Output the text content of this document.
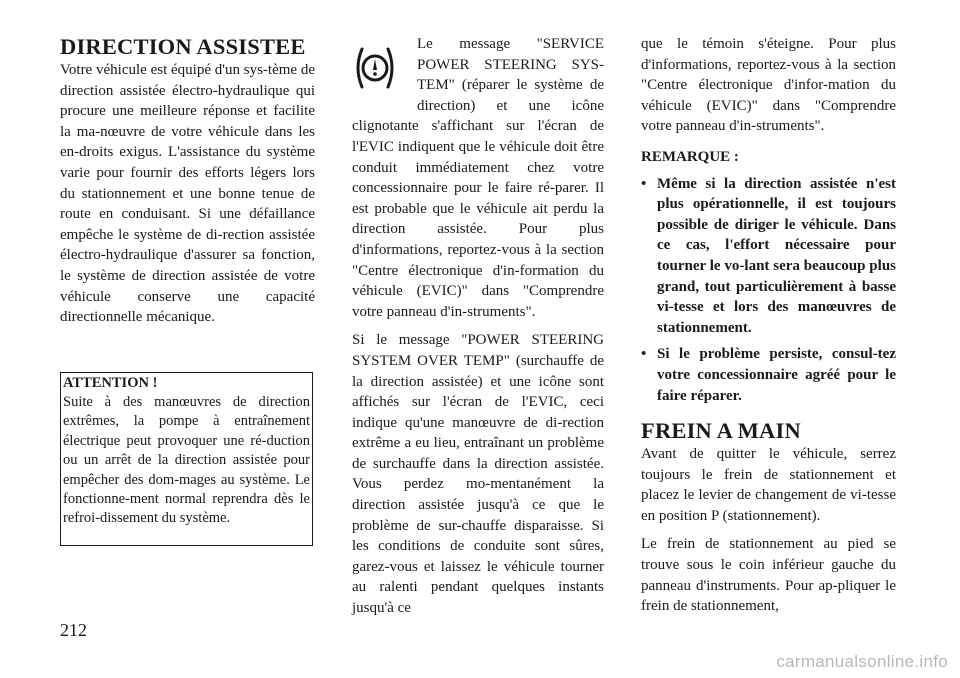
DIRECTION ASSISTEE

Votre véhicule est équipé d'un sys-tème de direction assistée électro-hydraulique qui procure une meilleure réponse et facilite la ma-nœuvre de votre véhicule dans les en-droits exigus. L'assistance du système varie pour fournir des efforts légers lors du stationnement et une bonne tenue de route en conduisant. Si une défaillance empêche le système de di-rection assistée électro-hydraulique d'assurer sa fonction, le système de direction assistée de votre véhicule conserve une capacité directionnelle mécanique.

ATTENTION !

Suite à des manœuvres de direction extrêmes, la pompe à entraînement électrique peut provoquer une ré-duction ou un arrêt de la direction assistée pour empêcher des dom-mages au système. Le fonctionne-ment normal reprendra dès le refroi-dissement du système.

Le message "SERVICE POWER STEERING SYS-TEM" (réparer le système de direction) et une icône clignotante s'affichant sur l'écran de l'EVIC indiquent que le véhicule doit être conduit immédiatement chez votre concessionnaire pour le faire ré-parer. Il est probable que le véhicule ait perdu la direction assistée. Pour plus d'informations, reportez-vous à la section "Centre électronique d'in-formation du véhicule (EVIC)" dans "Comprendre votre panneau d'in-struments".

Si le message "POWER STEERING SYSTEM OVER TEMP" (surchauffe de la direction assistée) et une icône sont affichés sur l'écran de l'EVIC, ceci indique qu'une manœuvre de di-rection extrême a eu lieu, entraînant un problème de surchauffe dans la direction assistée. Vous perdez mo-mentanément la direction assistée jusqu'à ce que le problème de sur-chauffe disparaisse. Si les conditions de conduite sont sûres, garez-vous et laissez le véhicule tourner au ralenti pendant quelques instants jusqu'à ce

que le témoin s'éteigne. Pour plus d'informations, reportez-vous à la section "Centre électronique d'infor-mation du véhicule (EVIC)" dans "Comprendre votre panneau d'in-struments".

REMARQUE :

• Même si la direction assistée n'est plus opérationnelle, il est toujours possible de diriger le véhicule. Dans ce cas, l'effort nécessaire pour tourner le vo-lant sera beaucoup plus grand, tout particulièrement à basse vi-tesse et lors des manœuvres de stationnement.
• Si le problème persiste, consul-tez votre concessionnaire agréé pour le faire réparer.
FREIN A MAIN

Avant de quitter le véhicule, serrez toujours le frein de stationnement et placez le levier de changement de vi-tesse en position P (stationnement).

Le frein de stationnement au pied se trouve sous le coin inférieur gauche du panneau d'instruments. Pour ap-pliquer le frein de stationnement,

212
carmanualsonline.info
